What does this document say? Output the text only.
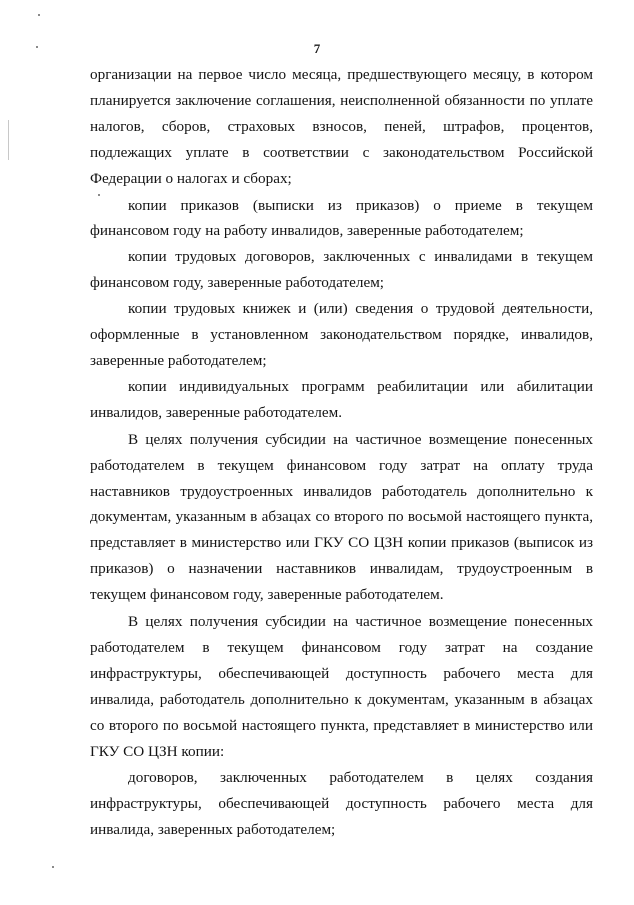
7

организации на первое число месяца, предшествующего месяцу, в котором планируется заключение соглашения, неисполненной обязанности по уплате налогов, сборов, страховых взносов, пеней, штрафов, процентов, подлежащих уплате в соответствии с законодательством Российской Федерации о налогах и сборах;

копии приказов (выписки из приказов) о приеме в текущем финансовом году на работу инвалидов, заверенные работодателем;

копии трудовых договоров, заключенных с инвалидами в текущем финансовом году, заверенные работодателем;

копии трудовых книжек и (или) сведения о трудовой деятельности, оформленные в установленном законодательством порядке, инвалидов, заверенные работодателем;

копии индивидуальных программ реабилитации или абилитации инвалидов, заверенные работодателем.

В целях получения субсидии на частичное возмещение понесенных работодателем в текущем финансовом году затрат на оплату труда наставников трудоустроенных инвалидов работодатель дополнительно к документам, указанным в абзацах со второго по восьмой настоящего пункта, представляет в министерство или ГКУ СО ЦЗН копии приказов (выписок из приказов) о назначении наставников инвалидам, трудоустроенным в текущем финансовом году, заверенные работодателем.

В целях получения субсидии на частичное возмещение понесенных работодателем в текущем финансовом году затрат на создание инфраструктуры, обеспечивающей доступность рабочего места для инвалида, работодатель дополнительно к документам, указанным в абзацах со второго по восьмой настоящего пункта, представляет в министерство или ГКУ СО ЦЗН копии:

договоров, заключенных работодателем в целях создания инфраструктуры, обеспечивающей доступность рабочего места для инвалида, заверенных работодателем;
